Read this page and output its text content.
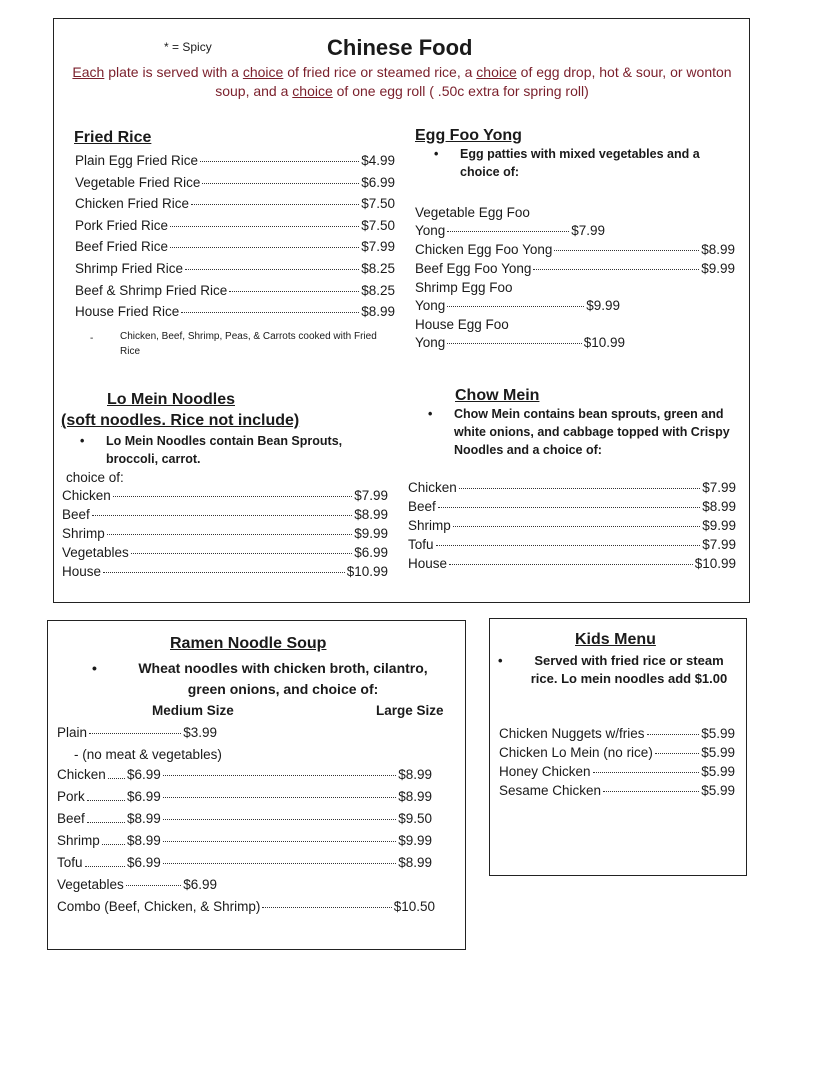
* = Spicy	Chinese Food
Each plate is served with a choice of fried rice or steamed rice, a choice of egg drop, hot & sour, or wonton soup, and a choice of one egg roll ( .50c extra for spring roll)
Fried Rice
Plain Egg Fried Rice	$4.99
Vegetable Fried Rice	$6.99
Chicken Fried Rice	$7.50
Pork Fried Rice	$7.50
Beef Fried Rice	$7.99
Shrimp Fried Rice	$8.25
Beef & Shrimp Fried Rice	$8.25
House Fried Rice	$8.99
-	Chicken, Beef, Shrimp, Peas, & Carrots cooked with Fried Rice
Egg Foo Yong
• Egg patties with mixed vegetables and a choice of:
Vegetable Egg Foo
Yong	$7.99
Chicken Egg Foo Yong	$8.99
Beef Egg Foo Yong	$9.99
Shrimp Egg Foo
Yong	$9.99
House Egg Foo
Yong	$10.99
Lo Mein Noodles
(soft noodles. Rice not include)
• Lo Mein Noodles contain Bean Sprouts, broccoli, carrot.
choice of:
Chicken	$7.99
Beef	$8.99
Shrimp	$9.99
Vegetables	$6.99
House	$10.99
Chow Mein
• Chow Mein contains bean sprouts, green and white onions, and cabbage topped with Crispy Noodles and a choice of:
Chicken	$7.99
Beef	$8.99
Shrimp	$9.99
Tofu	$7.99
House	$10.99
Ramen Noodle Soup
• Wheat noodles with chicken broth, cilantro, green onions, and choice of:
Medium Size	Large Size
Plain	$3.99
- (no meat & vegetables)
Chicken $6.99	$8.99
Pork	$6.99	$8.99
Beef	$8.99	$9.50
Shrimp $8.99	$9.99
Tofu	$6.99	$8.99
Vegetables	$6.99
Combo (Beef, Chicken, & Shrimp)	$10.50
Kids Menu
• Served with fried rice or steam rice. Lo mein noodles add $1.00
Chicken Nuggets w/fries	$5.99
Chicken Lo Mein (no rice)	$5.99
Honey Chicken	$5.99
Sesame Chicken	$5.99
